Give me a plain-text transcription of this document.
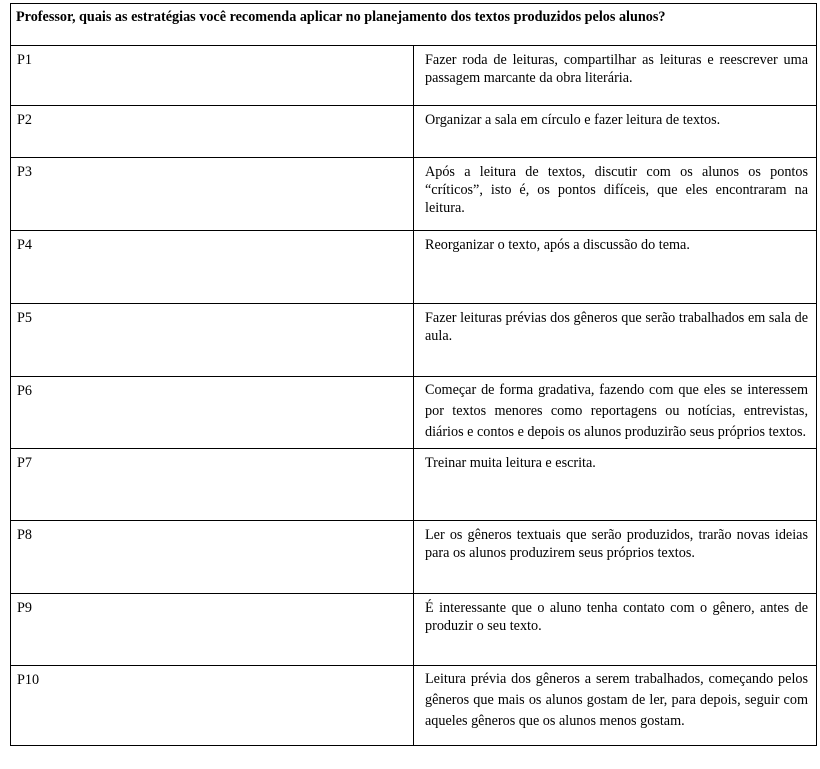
Professor, quais as estratégias você recomenda aplicar no planejamento dos textos produzidos pelos alunos?	
P1	Fazer roda de leituras, compartilhar as leituras e reescrever uma passagem marcante da obra literária.
P2	Organizar a sala em círculo e fazer leitura de textos.
P3	Após a leitura de textos, discutir com os alunos os pontos “críticos”, isto é, os pontos difíceis, que eles encontraram na leitura.
P4	Reorganizar o texto, após a discussão do tema.
P5	Fazer leituras prévias dos gêneros que serão trabalhados em sala de aula.
P6	Começar de forma gradativa, fazendo com que eles se interessem por textos menores como reportagens ou notícias, entrevistas, diários e contos e depois os alunos produzirão seus próprios textos.
P7	Treinar muita leitura e escrita.
P8	Ler os gêneros textuais que serão produzidos, trarão novas ideias para os alunos produzirem seus próprios textos.
P9	É interessante que o aluno tenha contato com o gênero, antes de produzir o seu texto.
P10	Leitura prévia dos gêneros a serem trabalhados, começando pelos gêneros que mais os alunos gostam de ler, para depois, seguir com aqueles gêneros que os alunos menos gostam.
